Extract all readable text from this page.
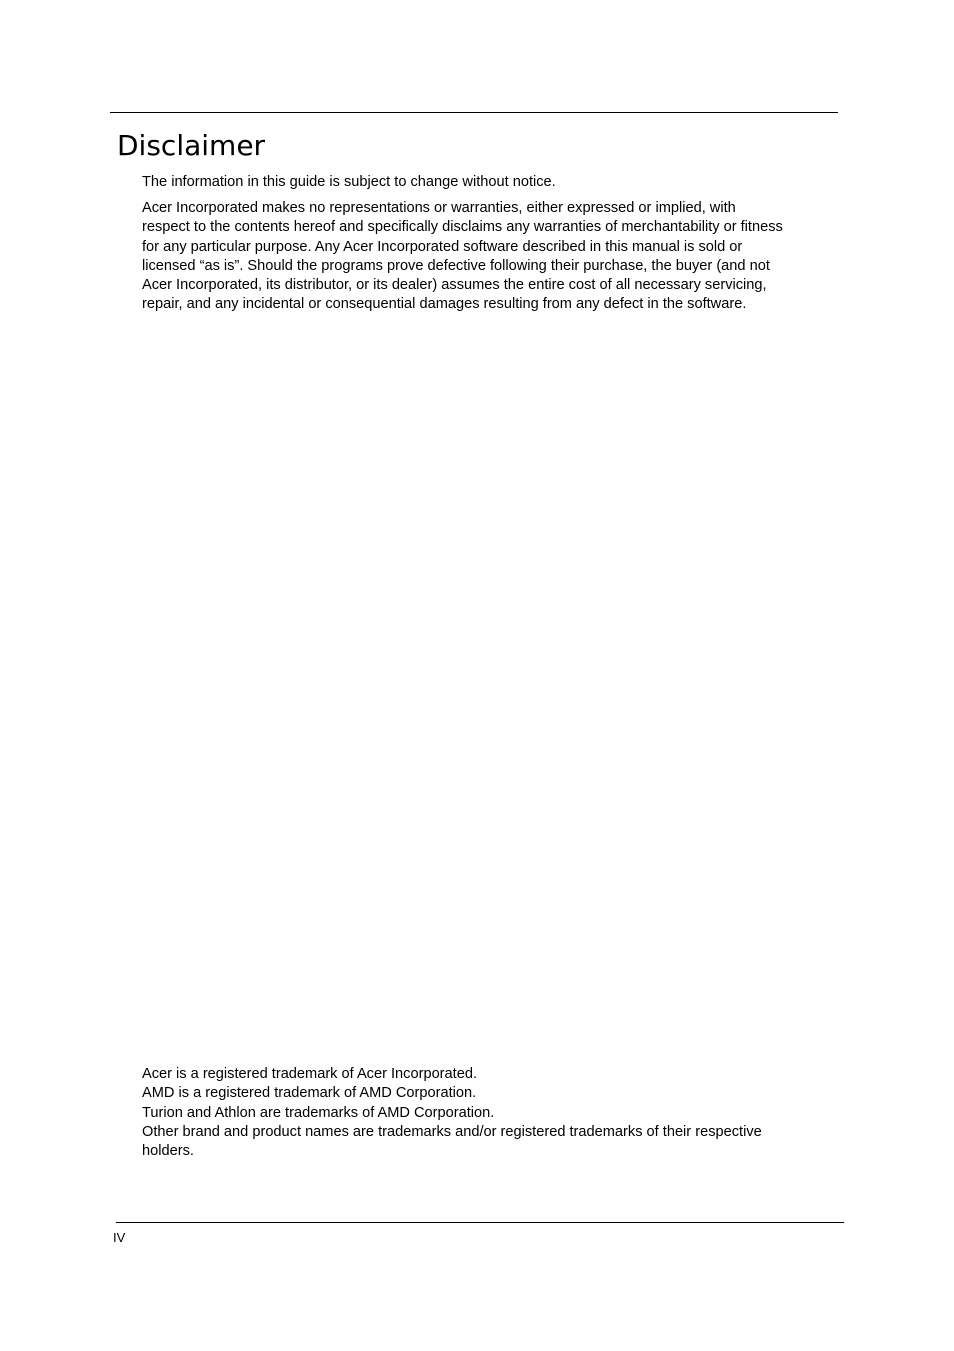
Disclaimer

The information in this guide is subject to change without notice.

Acer Incorporated makes no representations or warranties, either expressed or implied, with
respect to the contents hereof and specifically disclaims any warranties of merchantability or fitness
for any particular purpose. Any Acer Incorporated software described in this manual is sold or
licensed “as is”. Should the programs prove defective following their purchase, the buyer (and not
Acer Incorporated, its distributor, or its dealer) assumes the entire cost of all necessary servicing,
repair, and any incidental or consequential damages resulting from any defect in the software.

Acer is a registered trademark of Acer Incorporated.
AMD is a registered trademark of AMD Corporation.
Turion and Athlon are trademarks of AMD Corporation.
Other brand and product names are trademarks and/or registered trademarks of their respective
holders.
IV
